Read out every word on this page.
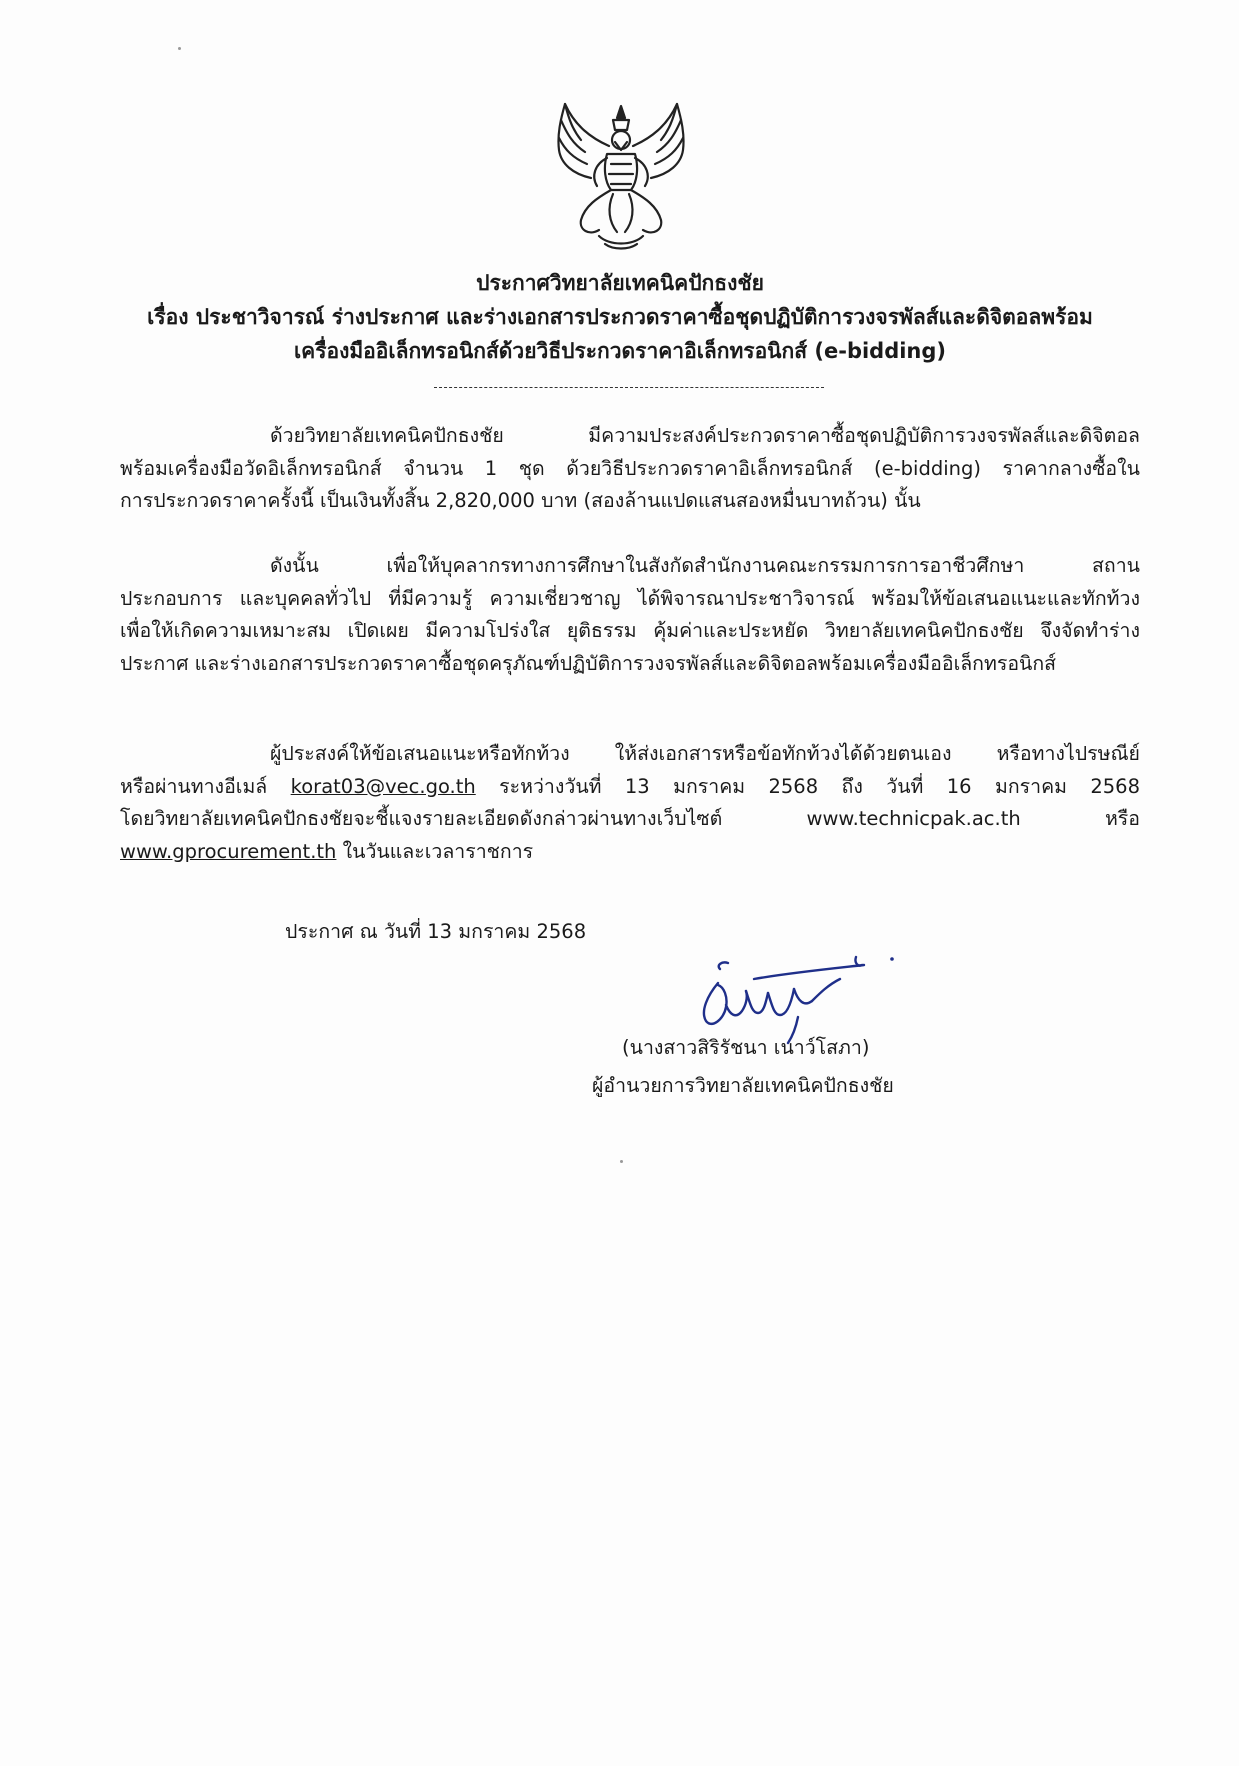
ประกาศวิทยาลัยเทคนิคปักธงชัย
เรื่อง ประชาวิจารณ์ ร่างประกาศ และร่างเอกสารประกวดราคาซื้อชุดปฏิบัติการวงจรพัลส์และดิจิตอลพร้อม
เครื่องมืออิเล็กทรอนิกส์ด้วยวิธีประกวดราคาอิเล็กทรอนิกส์ (e-bidding)
ด้วยวิทยาลัยเทคนิคปักธงชัย มีความประสงค์ประกวดราคาซื้อชุดปฏิบัติการวงจรพัลส์และดิจิตอล
พร้อมเครื่องมือวัดอิเล็กทรอนิกส์ จำนวน 1 ชุด ด้วยวิธีประกวดราคาอิเล็กทรอนิกส์ (e-bidding) ราคากลางซื้อใน
การประกวดราคาครั้งนี้ เป็นเงินทั้งสิ้น 2,820,000 บาท (สองล้านแปดแสนสองหมื่นบาทถ้วน) นั้น
ดังนั้น เพื่อให้บุคลากรทางการศึกษาในสังกัดสำนักงานคณะกรรมการการอาชีวศึกษา สถาน
ประกอบการ และบุคคลทั่วไป ที่มีความรู้ ความเชี่ยวชาญ ได้พิจารณาประชาวิจารณ์ พร้อมให้ข้อเสนอแนะและทักท้วง
เพื่อให้เกิดความเหมาะสม เปิดเผย มีความโปร่งใส ยุติธรรม คุ้มค่าและประหยัด วิทยาลัยเทคนิคปักธงชัย จึงจัดทำร่าง
ประกาศ และร่างเอกสารประกวดราคาซื้อชุดครุภัณฑ์ปฏิบัติการวงจรพัลส์และดิจิตอลพร้อมเครื่องมืออิเล็กทรอนิกส์
ผู้ประสงค์ให้ข้อเสนอแนะหรือทักท้วง ให้ส่งเอกสารหรือข้อทักท้วงได้ด้วยตนเอง หรือทางไปรษณีย์
หรือผ่านทางอีเมล์ korat03@vec.go.th ระหว่างวันที่ 13 มกราคม 2568 ถึง วันที่ 16 มกราคม 2568
โดยวิทยาลัยเทคนิคปักธงชัยจะชี้แจงรายละเอียดดังกล่าวผ่านทางเว็บไซต์ www.technicpak.ac.th หรือ
www.gprocurement.th ในวันและเวลาราชการ
ประกาศ ณ วันที่ 13 มกราคม 2568
(นางสาวสิริรัชนา เนาว์โสภา)
ผู้อำนวยการวิทยาลัยเทคนิคปักธงชัย
